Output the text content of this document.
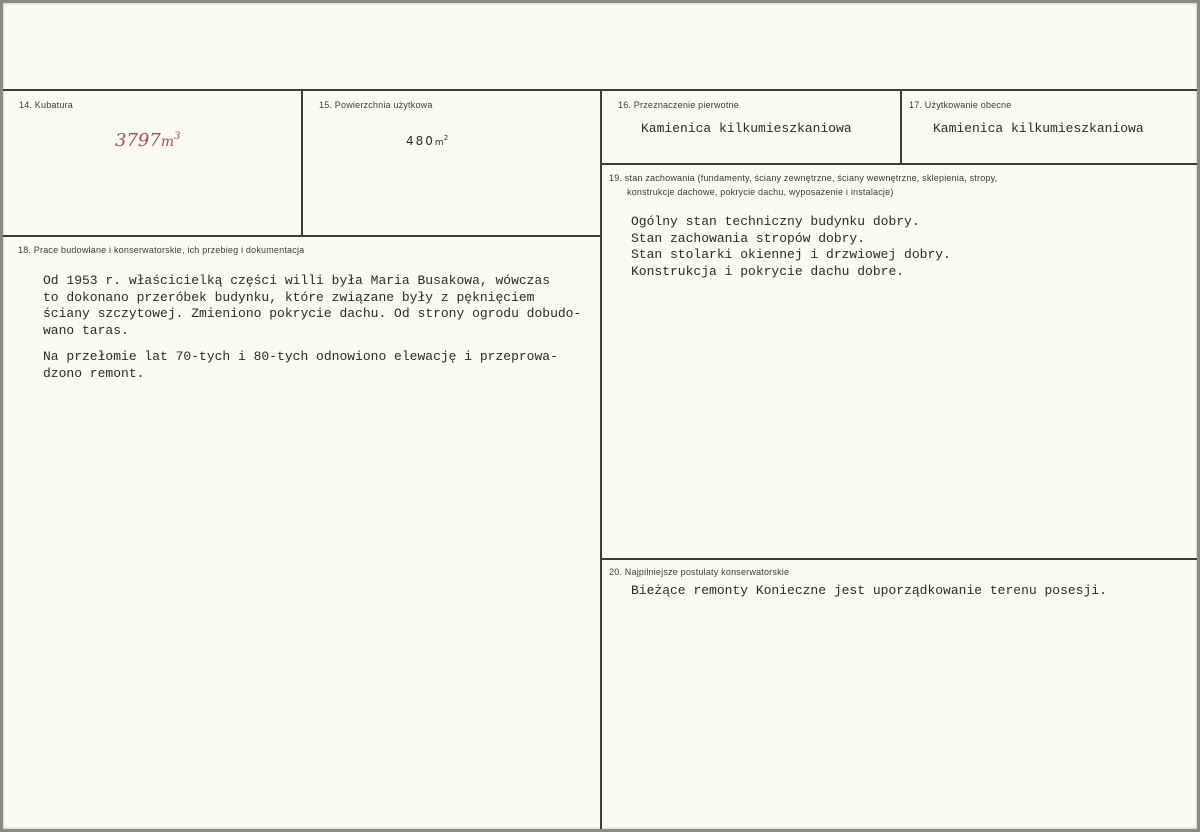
14. Kubatura
$3797m^3$
15. Powierzchnia użytkowa
$480m^2$
16. Przeznaczenie pierwotne
Kamienica kilkumieszkaniowa
17. Użytkowanie obecne
Kamienica kilkumieszkaniowa
18. Prace budowlane i konserwatorskie, ich przebieg i dokumentacja
Od 1953 r. właścicielką części willi była Maria Busakowa, wówczas
to dokonano przeróbek budynku, które związane były z pęknięciem
ściany szczytowej. Zmieniono pokrycie dachu. Od strony ogrodu dobudo-
wano taras.
Na przełomie lat 70-tych i 80-tych odnowiono elewację i przeprowa-
dzono remont.
19. stan zachowania (fundamenty, ściany zewnętrzne, ściany wewnętrzne, sklepienia, stropy,
konstrukcje dachowe, pokrycie dachu, wyposażenie i instalacje)
Ogólny stan techniczny budynku dobry.
Stan zachowania stropów dobry.
Stan stolarki okiennej i drzwiowej dobry.
Konstrukcja i pokrycie dachu dobre.
20. Najpilniejsze postulaty konserwatorskie
Bieżące remonty Konieczne jest uporządkowanie terenu posesji.
